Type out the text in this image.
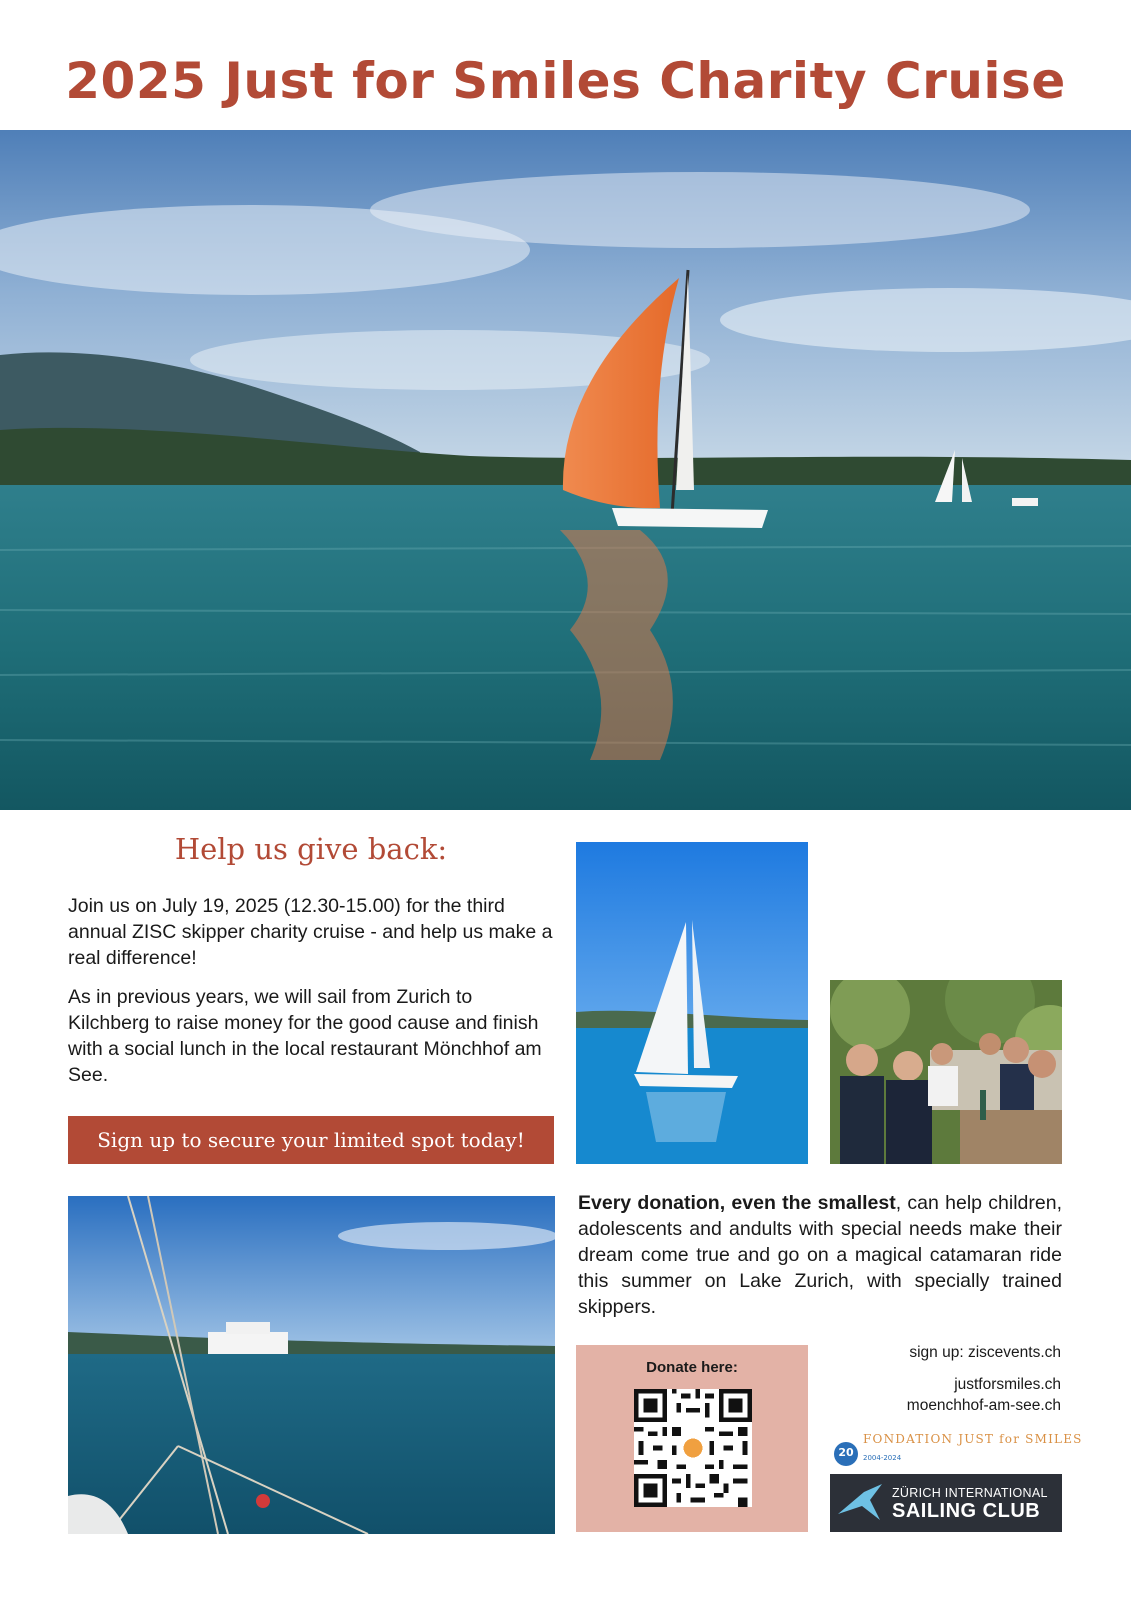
2025 Just for Smiles Charity Cruise
Help us give back:
Join us on July 19, 2025 (12.30-15.00) for the third annual ZISC skipper charity cruise - and help us make a real difference!
As in previous years, we will sail from Zurich to Kilchberg to raise money for the good cause and finish with a social lunch in the local restaurant Mönchhof am See.
Sign up to secure your limited spot today!
Every donation, even the smallest, can help children, adolescents and andults with special needs make their dream come true and go on a magical catamaran ride this summer on Lake Zurich, with specially trained skippers.
Donate here:
sign up: ziscevents.ch
justforsmiles.ch
moenchhof-am-see.ch
20
FONDATION JUST for SMILES
2004-2024
ZÜRICH INTERNATIONAL
SAILING CLUB
